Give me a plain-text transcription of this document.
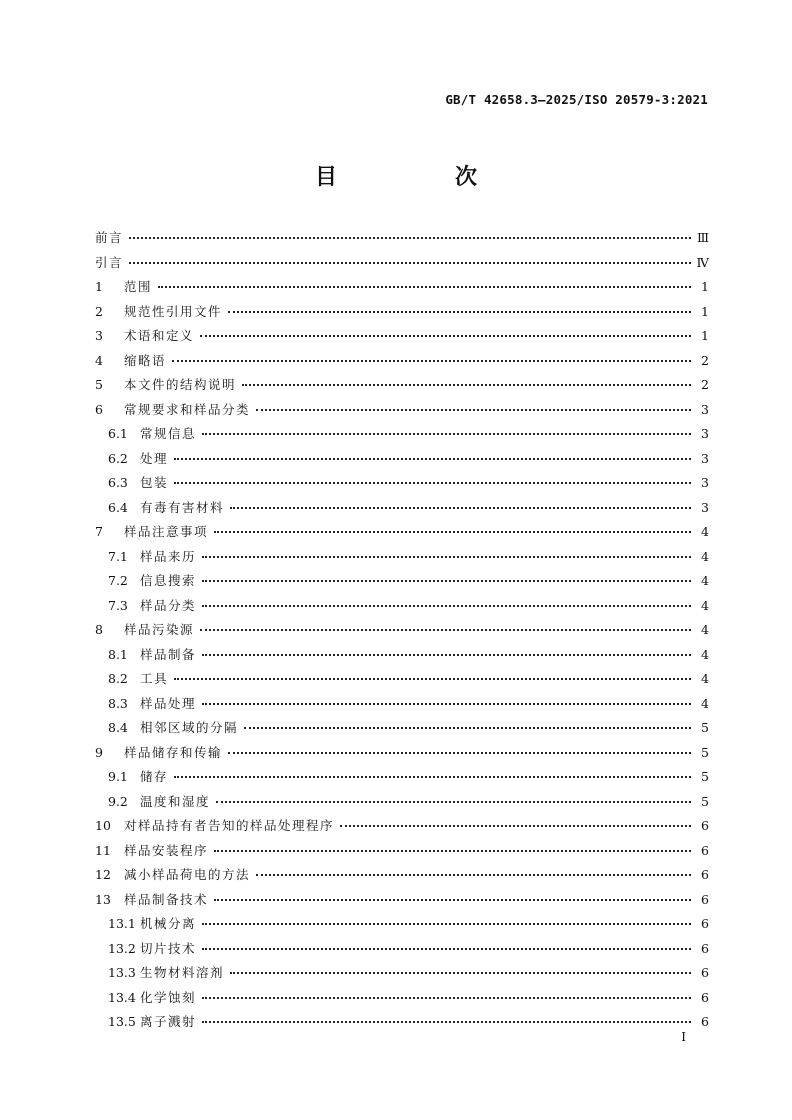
GB/T 42658.3—2025/ISO 20579-3:2021
目　次
前言	Ⅲ
引言	Ⅳ
1	范围	1
2	规范性引用文件	1
3	术语和定义	1
4	缩略语	2
5	本文件的结构说明	2
6	常规要求和样品分类	3
6.1 常规信息	3
6.2 处理	3
6.3 包装	3
6.4 有毒有害材料	3
7	样品注意事项	4
7.1 样品来历	4
7.2 信息搜索	4
7.3 样品分类	4
8	样品污染源	4
8.1 样品制备	4
8.2 工具	4
8.3 样品处理	4
8.4 相邻区域的分隔	5
9	样品储存和传输	5
9.1 储存	5
9.2 温度和湿度	5
10	对样品持有者告知的样品处理程序	6
11	样品安装程序	6
12	减小样品荷电的方法	6
13	样品制备技术	6
13.1 机械分离	6
13.2 切片技术	6
13.3 生物材料溶剂	6
13.4 化学蚀刻	6
13.5 离子溅射	6
I
